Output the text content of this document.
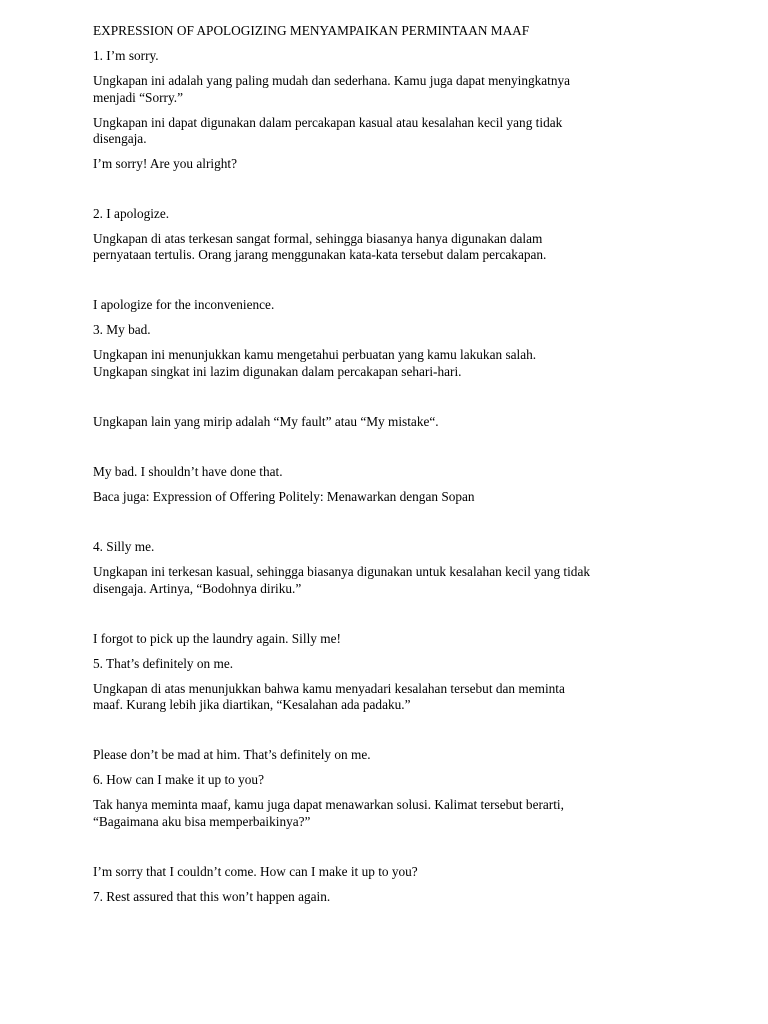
EXPRESSION OF APOLOGIZING MENYAMPAIKAN PERMINTAAN MAAF

1. I’m sorry.

Ungkapan ini adalah yang paling mudah dan sederhana. Kamu juga dapat menyingkatnya

menjadi “Sorry.”

Ungkapan ini dapat digunakan dalam percakapan kasual atau kesalahan kecil yang tidak

disengaja.

I’m sorry! Are you alright?

2. I apologize.

Ungkapan di atas terkesan sangat formal, sehingga biasanya hanya digunakan dalam

pernyataan tertulis. Orang jarang menggunakan kata-kata tersebut dalam percakapan.

I apologize for the inconvenience.

3. My bad.

Ungkapan ini menunjukkan kamu mengetahui perbuatan yang kamu lakukan salah.

Ungkapan singkat ini lazim digunakan dalam percakapan sehari-hari.

Ungkapan lain yang mirip adalah “My fault” atau “My mistake“.

My bad. I shouldn’t have done that.

Baca juga: Expression of Offering Politely: Menawarkan dengan Sopan

4. Silly me.

Ungkapan ini terkesan kasual, sehingga biasanya digunakan untuk kesalahan kecil yang tidak

disengaja. Artinya, “Bodohnya diriku.”

I forgot to pick up the laundry again. Silly me!

5. That’s definitely on me.

Ungkapan di atas menunjukkan bahwa kamu menyadari kesalahan tersebut dan meminta

maaf. Kurang lebih jika diartikan, “Kesalahan ada padaku.”

Please don’t be mad at him. That’s definitely on me.

6. How can I make it up to you?

Tak hanya meminta maaf, kamu juga dapat menawarkan solusi. Kalimat tersebut berarti,

“Bagaimana aku bisa memperbaikinya?”

I’m sorry that I couldn’t come. How can I make it up to you?

7. Rest assured that this won’t happen again.
